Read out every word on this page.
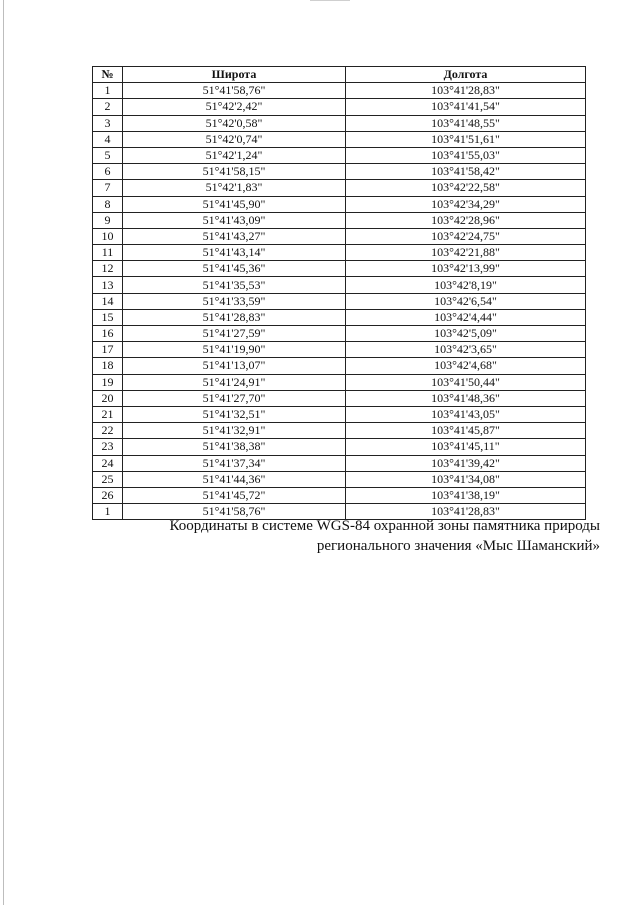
№	Широта	Долгота
1	51°41'58,76"	103°41'28,83"
2	51°42'2,42"	103°41'41,54"
3	51°42'0,58"	103°41'48,55"
4	51°42'0,74"	103°41'51,61"
5	51°42'1,24"	103°41'55,03"
6	51°41'58,15"	103°41'58,42"
7	51°42'1,83"	103°42'22,58"
8	51°41'45,90"	103°42'34,29"
9	51°41'43,09"	103°42'28,96"
10	51°41'43,27"	103°42'24,75"
11	51°41'43,14"	103°42'21,88"
12	51°41'45,36"	103°42'13,99"
13	51°41'35,53"	103°42'8,19"
14	51°41'33,59"	103°42'6,54"
15	51°41'28,83"	103°42'4,44"
16	51°41'27,59"	103°42'5,09"
17	51°41'19,90"	103°42'3,65"
18	51°41'13,07"	103°42'4,68"
19	51°41'24,91"	103°41'50,44"
20	51°41'27,70"	103°41'48,36"
21	51°41'32,51"	103°41'43,05"
22	51°41'32,91"	103°41'45,87"
23	51°41'38,38"	103°41'45,11"
24	51°41'37,34"	103°41'39,42"
25	51°41'44,36"	103°41'34,08"
26	51°41'45,72"	103°41'38,19"
1	51°41'58,76"	103°41'28,83"

Координаты в системе WGS-84 охранной зоны памятника природы

регионального значения «Мыс Шаманский»
